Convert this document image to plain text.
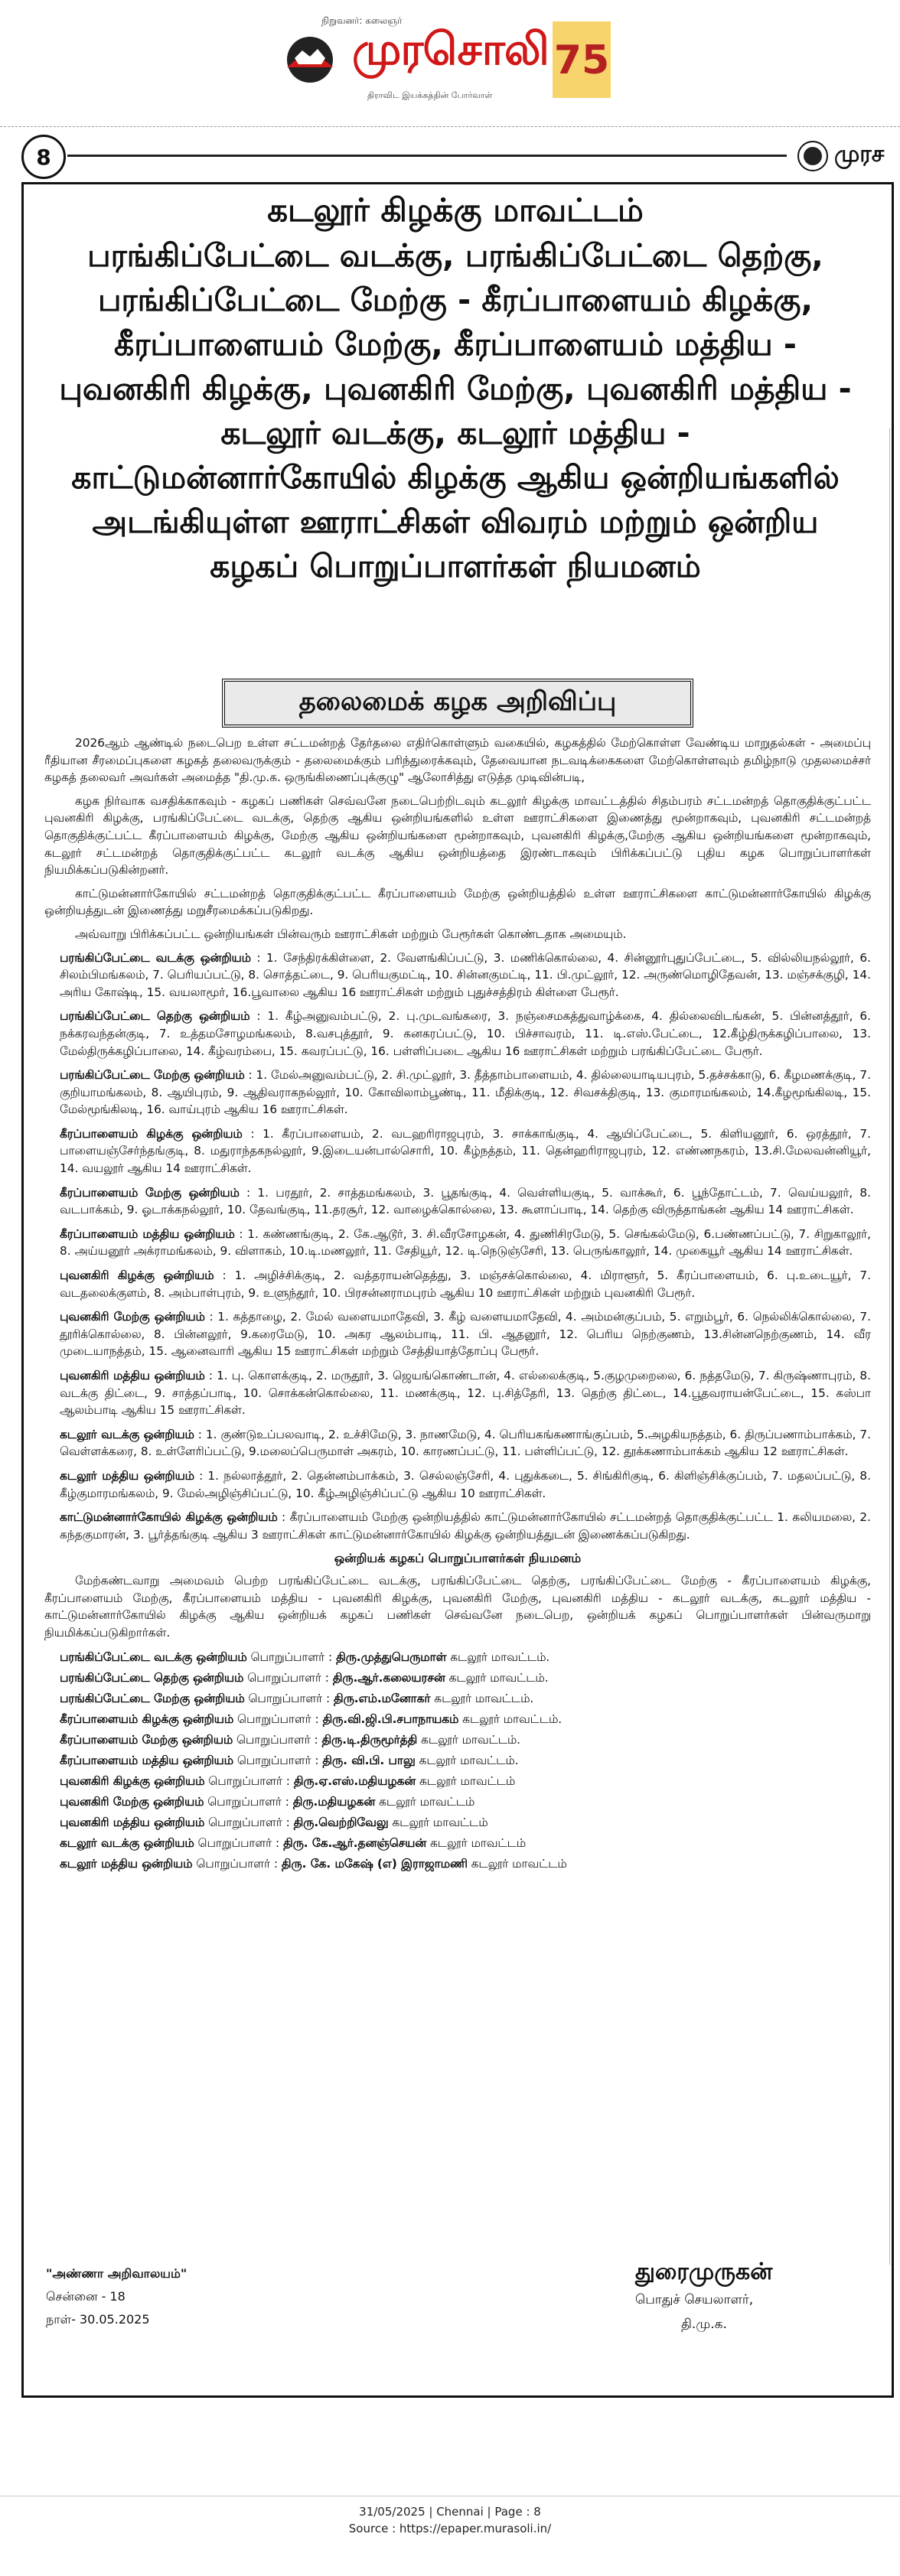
நிறுவனர்: கலைஞர்
முரசொலி
திராவிட இயக்கத்தின் போர்வாள்
75
8	முரச
கடலூர் கிழக்கு மாவட்டம்
பரங்கிப்பேட்டை வடக்கு, பரங்கிப்பேட்டை தெற்கு,
பரங்கிப்பேட்டை மேற்கு - கீரப்பாளையம் கிழக்கு,
கீரப்பாளையம் மேற்கு, கீரப்பாளையம் மத்திய -
புவனகிரி கிழக்கு, புவனகிரி மேற்கு, புவனகிரி மத்திய -
கடலூர் வடக்கு, கடலூர் மத்திய -
காட்டுமன்னார்கோயில் கிழக்கு ஆகிய ஒன்றியங்களில்
அடங்கியுள்ள ஊராட்சிகள் விவரம் மற்றும் ஒன்றிய
கழகப் பொறுப்பாளர்கள் நியமனம்
தலைமைக் கழக அறிவிப்பு

2026ஆம் ஆண்டில் நடைபெற உள்ள சட்டமன்றத் தேர்தலை எதிர்கொள்ளும் வகையில், கழகத்தில் மேற்கொள்ள வேண்டிய மாறுதல்கள் - அமைப்பு ரீதியான சீரமைப்புகளை கழகத் தலைவருக்கும் - தலைமைக்கும் பரிந்துரைக்கவும், தேவையான நடவடிக்கைகளை மேற்கொள்ளவும் தமிழ்நாடு முதலமைச்சர் கழகத் தலைவர் அவர்கள் அமைத்த "தி.மு.க. ஒருங்கிணைப்புக்குழு" ஆலோசித்து எடுத்த முடிவின்படி,

கழக நிர்வாக வசதிக்காகவும் - கழகப் பணிகள் செவ்வனே நடைபெற்றிடவும் கடலூர் கிழக்கு மாவட்டத்தில் சிதம்பரம் சட்டமன்றத் தொகுதிக்குட்பட்ட புவனகிரி கிழக்கு, பரங்கிப்பேட்டை வடக்கு, தெற்கு ஆகிய ஒன்றியங்களில் உள்ள ஊராட்சிகளை இணைத்து மூன்றாகவும், புவனகிரி சட்டமன்றத் தொகுதிக்குட்பட்ட கீரப்பாளையம் கிழக்கு, மேற்கு ஆகிய ஒன்றியங்களை மூன்றாகவும், புவனகிரி கிழக்கு,மேற்கு ஆகிய ஒன்றியங்களை மூன்றாகவும், கடலூர் சட்டமன்றத் தொகுதிக்குட்பட்ட கடலூர் வடக்கு ஆகிய ஒன்றியத்தை இரண்டாகவும் பிரிக்கப்பட்டு புதிய கழக பொறுப்பாளர்கள் நியமிக்கப்படுகின்றனர்.

காட்டுமன்னார்கோயில் சட்டமன்றத் தொகுதிக்குட்பட்ட கீரப்பாளையம் மேற்கு ஒன்றியத்தில் உள்ள ஊராட்சிகளை காட்டுமன்னார்கோயில் கிழக்கு ஒன்றியத்துடன் இணைத்து மறுசீரமைக்கப்படுகிறது.

அவ்வாறு பிரிக்கப்பட்ட ஒன்றியங்கள் பின்வரும் ஊராட்சிகள் மற்றும் பேரூர்கள் கொண்டதாக அமையும்.

பரங்கிப்பேட்டை வடக்கு ஒன்றியம் : 1. சேந்திரக்கிள்ளை, 2. வேளங்கிப்பட்டு, 3. மணிக்கொல்லை, 4. சின்னூர்புதுப்பேட்டை, 5. வில்லியநல்லூர், 6. சிலம்பிமங்கலம், 7. பெரியப்பட்டு, 8. சொத்தட்டை, 9. பெரியகுமட்டி, 10. சின்னகுமட்டி, 11. பி.முட்லூர், 12. அருண்மொழிதேவன், 13. மஞ்சக்குழி, 14. அரிய கோஷ்டி, 15. வயலாமூர், 16.பூவாலை ஆகிய 16 ஊராட்சிகள் மற்றும் புதுச்சத்திரம் கிள்ளை பேரூர்.
பரங்கிப்பேட்டை தெற்கு ஒன்றியம் : 1. கீழ்அனுவம்பட்டு, 2. பு.முடவங்கரை, 3. நஞ்சைமகத்துவாழ்க்கை, 4. தில்லைவிடங்கன், 5. பின்னத்தூர், 6. நக்கரவந்தன்குடி, 7. உத்தமசோழமங்கலம், 8.வசபுத்தூர், 9. கனகரப்பட்டு, 10. பிச்சாவரம், 11. டி.எஸ்.பேட்டை, 12.கீழ்திருக்கழிப்பாலை, 13. மேல்திருக்கழிப்பாலை, 14. கீழ்வரம்பை, 15. கவரப்பட்டு, 16. பள்ளிப்படை ஆகிய 16 ஊராட்சிகள் மற்றும் பரங்கிப்பேட்டை பேரூர்.
பரங்கிப்பேட்டை மேற்கு ஒன்றியம் : 1. மேல்அனுவம்பட்டு, 2. சி.முட்லூர், 3. தீத்தாம்பாளையம், 4. தில்லையாடியபுரம், 5.தச்சக்காடு, 6. கீழமணக்குடி, 7. குறியாமங்கலம், 8. ஆயிபுரம், 9. ஆதிவராகநல்லூர், 10. கோவிலாம்பூண்டி, 11. மீதிக்குடி, 12. சிவசக்திகுடி, 13. குமாரமங்கலம், 14.கீழமூங்கிலடி, 15. மேல்மூங்கிலடி, 16. வாய்புரம் ஆகிய 16 ஊராட்சிகள்.
கீரப்பாளையம் கிழக்கு ஒன்றியம் : 1. கீரப்பாளையம், 2. வடஹரிராஜபுரம், 3. சாக்காங்குடி, 4. ஆயிப்பேட்டை, 5. கிளியனூர், 6. ஒரத்தூர், 7. பாளையஞ்சேர்ந்தங்குடி, 8. மதுராந்தகநல்லூர், 9.இடையன்பால்சொரி, 10. கீழ்நத்தம், 11. தென்ஹரிராஜபுரம், 12. எண்ணநகரம், 13.சி.மேலவன்னியூர், 14. வயலூர் ஆகிய 14 ஊராட்சிகள்.
கீரப்பாளையம் மேற்கு ஒன்றியம் : 1. பரதூர், 2. சாத்தமங்கலம், 3. பூதங்குடி, 4. வெள்ளியகுடி, 5. வாக்கூர், 6. பூந்தோட்டம், 7. வெய்யலூர், 8. வடபாக்கம், 9. ஓடாக்கநல்லூர், 10. தேவங்குடி, 11.தரசூர், 12. வாழைக்கொல்லை, 13. கூளாப்பாடி, 14. தெற்கு விருத்தாங்கன் ஆகிய 14 ஊராட்சிகள்.
கீரப்பாளையம் மத்திய ஒன்றியம் : 1. கண்ணங்குடி, 2. கே.ஆடூர், 3. சி.வீரசோழகன், 4. துணிசிரமேடு, 5. செங்கல்மேடு, 6.பண்ணப்பட்டு, 7. சிறுகாலூர், 8. அய்யனூர் அக்ராமங்கலம், 9. விளாகம், 10.டி.மணலூர், 11. சேதியூர், 12. டி.நெடுஞ்சேரி, 13. பெருங்காலூர், 14. முகையூர் ஆகிய 14 ஊராட்சிகள்.
புவனகிரி கிழக்கு ஒன்றியம் : 1. அழிச்சிக்குடி, 2. வத்தராயன்தெத்து, 3. மஞ்சக்கொல்லை, 4. மிராளூர், 5. கீரப்பாளையம், 6. பு.உடையூர், 7. வடதலைக்குளம், 8. அம்பாள்புரம், 9. உளுந்தூர், 10. பிரசன்னராமபுரம் ஆகிய 10 ஊராட்சிகள் மற்றும் புவனகிரி பேரூர்.
புவனகிரி மேற்கு ஒன்றியம் : 1. கத்தாழை, 2. மேல் வளையமாதேவி, 3. கீழ் வளையமாதேவி, 4. அம்மன்குப்பம், 5. எறும்பூர், 6. நெல்லிக்கொல்லை, 7. தூரிக்கொல்லை, 8. பின்னலூர், 9.கரைமேடு, 10. அகர ஆலம்பாடி, 11. பி. ஆதனூர், 12. பெரிய நெற்குணம், 13.சின்னநெற்குணம், 14. வீர முடையாநத்தம், 15. ஆனைவாரி ஆகிய 15 ஊராட்சிகள் மற்றும் சேத்தியாத்தோப்பு பேரூர்.
புவனகிரி மத்திய ஒன்றியம் : 1. பு. கொளக்குடி, 2. மருதூர், 3. ஜெயங்கொண்டான், 4. எல்லைக்குடி, 5.குழமுறைலை, 6. நத்தமேடு, 7. கிருஷ்ணாபுரம், 8. வடக்கு திட்டை, 9. சாத்தப்பாடி, 10. சொக்கன்கொல்லை, 11. மணக்குடி, 12. பு.சித்தேரி, 13. தெற்கு திட்டை, 14.பூதவராயன்பேட்டை, 15. கஸ்பா ஆலம்பாடி ஆகிய 15 ஊராட்சிகள்.
கடலூர் வடக்கு ஒன்றியம் : 1. குண்டுஉப்பலவாடி, 2. உச்சிமேடு, 3. நாணமேடு, 4. பெரியகங்கணாங்குப்பம், 5.அழகியநத்தம், 6. திருப்பணாம்பாக்கம், 7. வெள்ளக்கரை, 8. உள்ளேரிப்பட்டு, 9.மலைப்பெருமாள் அகரம், 10. காரணப்பட்டு, 11. பள்ளிப்பட்டு, 12. தூக்கணாம்பாக்கம் ஆகிய 12 ஊராட்சிகள்.
கடலூர் மத்திய ஒன்றியம் : 1. நல்லாத்தூர், 2. தென்னம்பாக்கம், 3. செல்லஞ்சேரி, 4. புதுக்கடை, 5. சிங்கிரிகுடி, 6. கிளிஞ்சிக்குப்பம், 7. மதலப்பட்டு, 8. கீழ்குமாரமங்கலம், 9. மேல்அழிஞ்சிப்பட்டு, 10. கீழ்அழிஞ்சிப்பட்டு ஆகிய 10 ஊராட்சிகள்.
காட்டுமன்னார்கோயில் கிழக்கு ஒன்றியம் : கீரப்பாளையம் மேற்கு ஒன்றியத்தில் காட்டுமன்னார்கோயில் சட்டமன்றத் தொகுதிக்குட்பட்ட 1. கலியமலை, 2. கந்தகுமாரன், 3. பூர்த்தங்குடி ஆகிய 3 ஊராட்சிகள் காட்டுமன்னார்கோயில் கிழக்கு ஒன்றியத்துடன் இணைக்கப்படுகிறது.
ஒன்றியக் கழகப் பொறுப்பாளர்கள் நியமனம்

மேற்கண்டவாறு அமைவம் பெற்ற பரங்கிப்பேட்டை வடக்கு, பரங்கிப்பேட்டை தெற்கு, பரங்கிப்பேட்டை மேற்கு - கீரப்பாளையம் கிழக்கு, கீரப்பாளையம் மேற்கு, கீரப்பாளையம் மத்திய - புவனகிரி கிழக்கு, புவனகிரி மேற்கு, புவனகிரி மத்திய - கடலூர் வடக்கு, கடலூர் மத்திய - காட்டுமன்னார்கோயில் கிழக்கு ஆகிய ஒன்றியக் கழகப் பணிகள் செவ்வனே நடைபெற, ஒன்றியக் கழகப் பொறுப்பாளர்கள் பின்வருமாறு நியமிக்கப்படுகிறார்கள்.

பரங்கிப்பேட்டை வடக்கு ஒன்றியம் பொறுப்பாளர் : திரு.முத்துபெருமாள் கடலூர் மாவட்டம்.
பரங்கிப்பேட்டை தெற்கு ஒன்றியம் பொறுப்பாளர் : திரு.ஆர்.கலையரசன் கடலூர் மாவட்டம்.
பரங்கிப்பேட்டை மேற்கு ஒன்றியம் பொறுப்பாளர் : திரு.எம்.மனோகர் கடலூர் மாவட்டம்.
கீரப்பாளையம் கிழக்கு ஒன்றியம் பொறுப்பாளர் : திரு.வி.ஜி.பி.சபாநாயகம் கடலூர் மாவட்டம்.
கீரப்பாளையம் மேற்கு ஒன்றியம் பொறுப்பாளர் : திரு.டி.திருமூர்த்தி கடலூர் மாவட்டம்.
கீரப்பாளையம் மத்திய ஒன்றியம் பொறுப்பாளர் : திரு. வி.பி. பாலு கடலூர் மாவட்டம்.
புவனகிரி கிழக்கு ஒன்றியம் பொறுப்பாளர் : திரு.ஏ.எஸ்.மதியழகன் கடலூர் மாவட்டம்
புவனகிரி மேற்கு ஒன்றியம் பொறுப்பாளர் : திரு.மதியழகன் கடலூர் மாவட்டம்
புவனகிரி மத்திய ஒன்றியம் பொறுப்பாளர் : திரு.வெற்றிவேலு கடலூர் மாவட்டம்
கடலூர் வடக்கு ஒன்றியம் பொறுப்பாளர் : திரு. கே.ஆர்.தனஞ்செயன் கடலூர் மாவட்டம்
கடலூர் மத்திய ஒன்றியம் பொறுப்பாளர் : திரு. கே. மகேஷ் (எ) இராஜாமணி கடலூர் மாவட்டம்
"அண்ணா அறிவாலயம்"
சென்னை - 18
நாள்- 30.05.2025
துரைமுருகன்
பொதுச் செயலாளர்,
தி.மு.க.
31/05/2025 | Chennai | Page : 8
Source : https://epaper.murasoli.in/
